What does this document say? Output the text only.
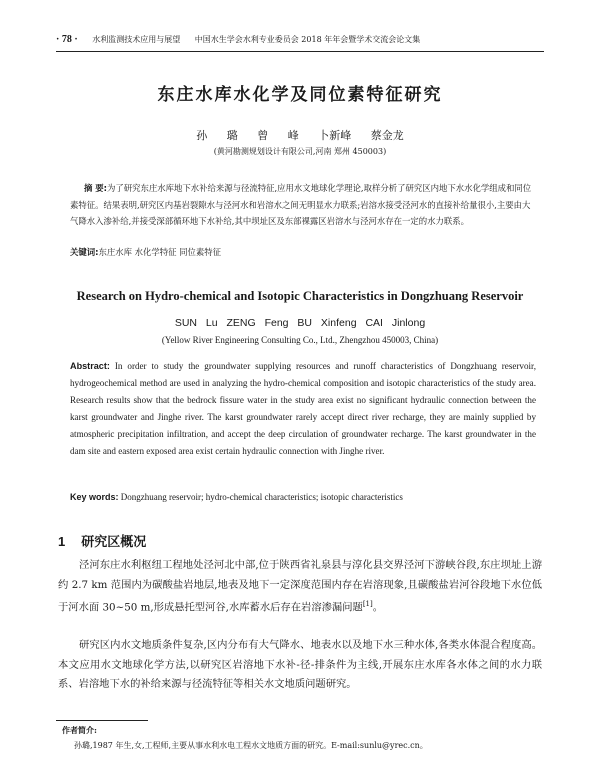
· 78 · 水利监测技术应用与展望 中国水生学会水利专业委员会 2018 年年会暨学术交流会论文集
东庄水库水化学及同位素特征研究
孙 璐 曾 峰 卜新峰 蔡金龙
(黄河勘测规划设计有限公司,河南 郑州 450003)
摘 要:为了研究东庄水库地下水补给来源与径流特征,应用水文地球化学理论,取样分析了研究区内地下水水化学组成和同位素特征。结果表明,研究区内基岩裂隙水与泾河水和岩溶水之间无明显水力联系;岩溶水接受泾河水的直接补给量很小,主要由大气降水入渗补给,并接受深部循环地下水补给,其中坝址区及东部裸露区岩溶水与泾河水存在一定的水力联系。
关键词:东庄水库 水化学特征 同位素特征
Research on Hydro-chemical and Isotopic Characteristics in Dongzhuang Reservoir
SUN Lu ZENG Feng BU Xinfeng CAI Jinlong
(Yellow River Engineering Consulting Co., Ltd., Zhengzhou 450003, China)
Abstract: In order to study the groundwater supplying resources and runoff characteristics of Dongzhuang reservoir, hydrogeochemical method are used in analyzing the hydro-chemical composition and isotopic characteristics of the study area. Research results show that the bedrock fissure water in the study area exist no significant hydraulic connection between the karst groundwater and Jinghe river. The karst groundwater rarely accept direct river recharge, they are mainly supplied by atmospheric precipitation infiltration, and accept the deep circulation of groundwater recharge. The karst groundwater in the dam site and eastern exposed area exist certain hydraulic connection with Jinghe river.
Key words: Dongzhuang reservoir; hydro-chemical characteristics; isotopic characteristics
1 研究区概况
泾河东庄水利枢纽工程地处泾河北中部,位于陕西省礼泉县与淳化县交界泾河下游峡谷段,东庄坝址上游约 2.7 km 范围内为碳酸盐岩地层,地表及地下一定深度范围内存在岩溶现象,且碳酸盐岩河谷段地下水位低于河水面 30~50 m,形成悬托型河谷,水库蓄水后存在岩溶渗漏问题[1]。
研究区内水文地质条件复杂,区内分布有大气降水、地表水以及地下水三种水体,各类水体混合程度高。本文应用水文地球化学方法,以研究区岩溶地下水补-径-排条件为主线,开展东庄水库各水体之间的水力联系、岩溶地下水的补给来源与径流特征等相关水文地质问题研究。
作者简介:
孙璐,1987 年生,女,工程师,主要从事水利水电工程水文地质方面的研究。E-mail:sunlu@yrec.cn。
